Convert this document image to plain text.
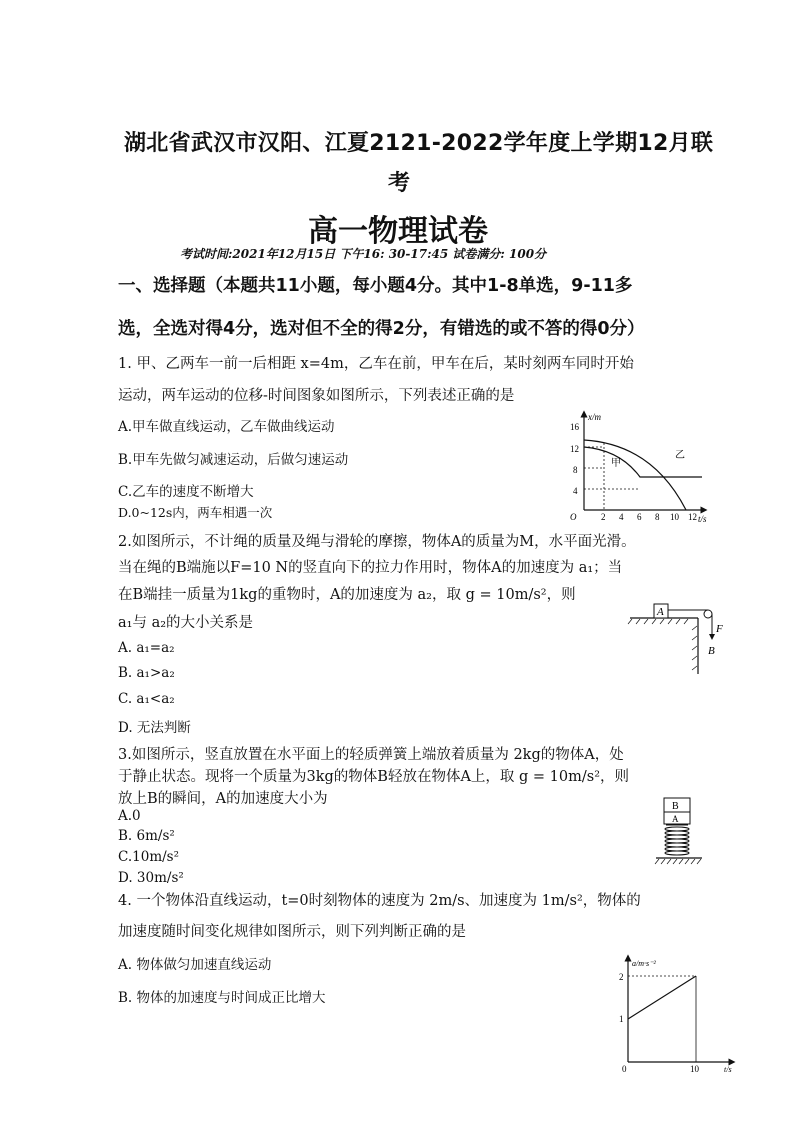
湖北省武汉市汉阳、江夏2121-2022学年度上学期12月联
考
高一物理试卷
考试时间:2021年12月15日 下午16: 30-17:45 试卷满分: 100分
一、选择题（本题共11小题，每小题4分。其中1-8单选，9-11多
选，全选对得4分，选对但不全的得2分，有错选的或不答的得0分）
1. 甲、乙两车一前一后相距 x=4m，乙车在前，甲车在后，某时刻两车同时开始
运动，两车运动的位移-时间图象如图所示，下列表述正确的是
A.甲车做直线运动，乙车做曲线运动
B.甲车先做匀减速运动，后做匀速运动
C.乙车的速度不断增大
D.0~12s内，两车相遇一次
x/m
t/s
O
16
12
8
4
2 4 6 8 10 12
甲
乙
2.如图所示，不计绳的质量及绳与滑轮的摩擦，物体A的质量为M，水平面光滑。
当在绳的B端施以F=10 N的竖直向下的拉力作用时，物体A的加速度为 a₁；当
在B端挂一质量为1kg的重物时，A的加速度为 a₂，取 g = 10m/s²，则
a₁与 a₂的大小关系是
A. a₁=a₂
B. a₁>a₂
C. a₁<a₂
D. 无法判断
A
F
B
3.如图所示，竖直放置在水平面上的轻质弹簧上端放着质量为 2kg的物体A，处
于静止状态。现将一个质量为3kg的物体B轻放在物体A上，取 g = 10m/s²，则
放上B的瞬间，A的加速度大小为
A.0
B. 6m/s²
C.10m/s²
D. 30m/s²
B
A
4. 一个物体沿直线运动，t=0时刻物体的速度为 2m/s、加速度为 1m/s²，物体的
加速度随时间变化规律如图所示，则下列判断正确的是
A. 物体做匀加速直线运动
B. 物体的加速度与时间成正比增大
a/m·s⁻²
t/s
0
2
1
10
